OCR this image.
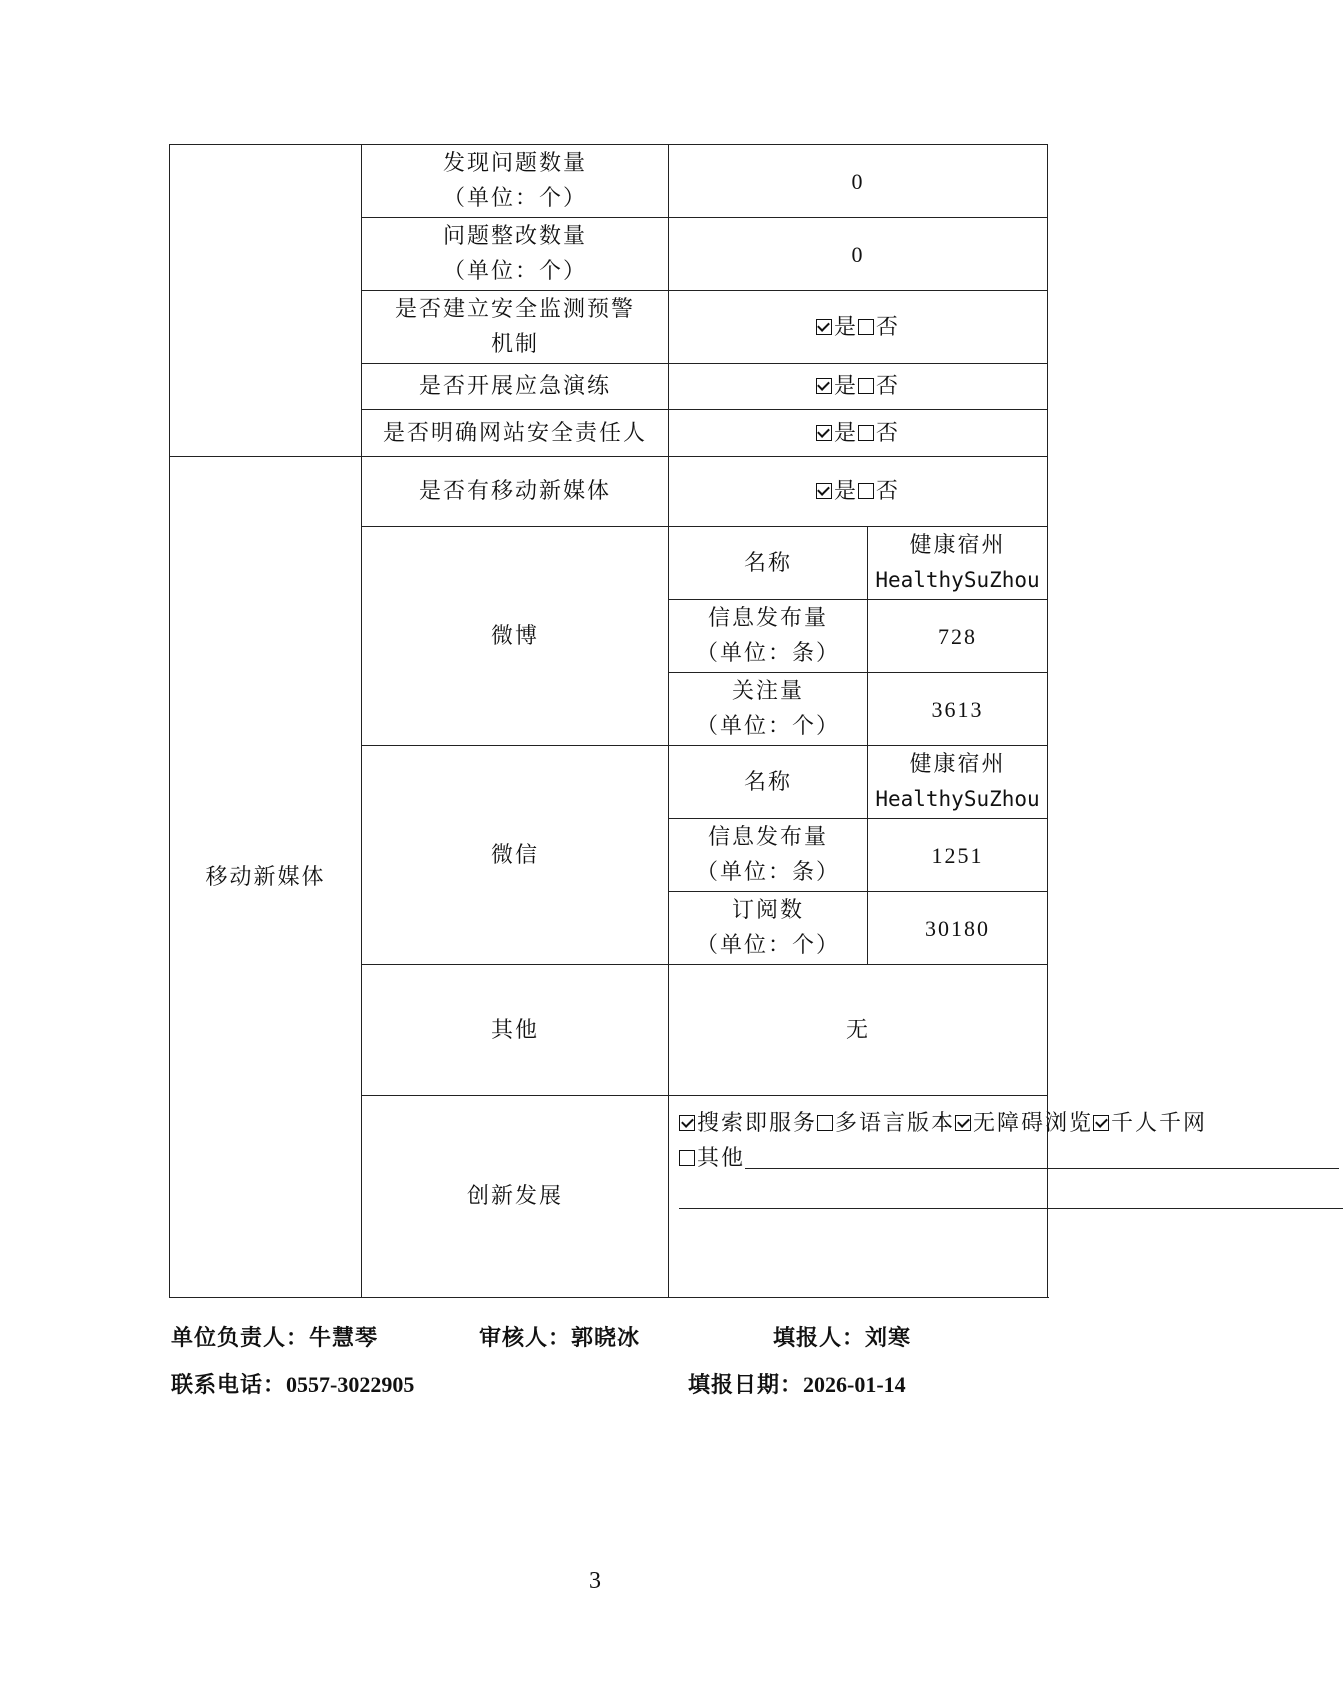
	发现问题数量
（单位：个）	0	

	问题整改数量
（单位：个）	0	

	是否建立安全监测预警
机制	是 否	

	是否开展应急演练	是 否	

	是否明确网站安全责任人	是 否	
移动新媒体	是否有移动新媒体	是 否	
	微博	名称	健康宿州
HealthySuZhou

		信息发布量
（单位：条）	728

		关注量
（单位：个）	3613
	微信	名称	健康宿州
HealthySuZhou

		信息发布量
（单位：条）	1251

		订阅数
（单位：个）	30180
	其他	无	
	创新发展	搜索即服务 多语言版本 无障碍浏览 千人千网
其他	
单位负责人：牛慧琴	审核人：郭晓冰	填报人：刘寒
联系电话：0557-3022905	填报日期：2026-01-14
3
